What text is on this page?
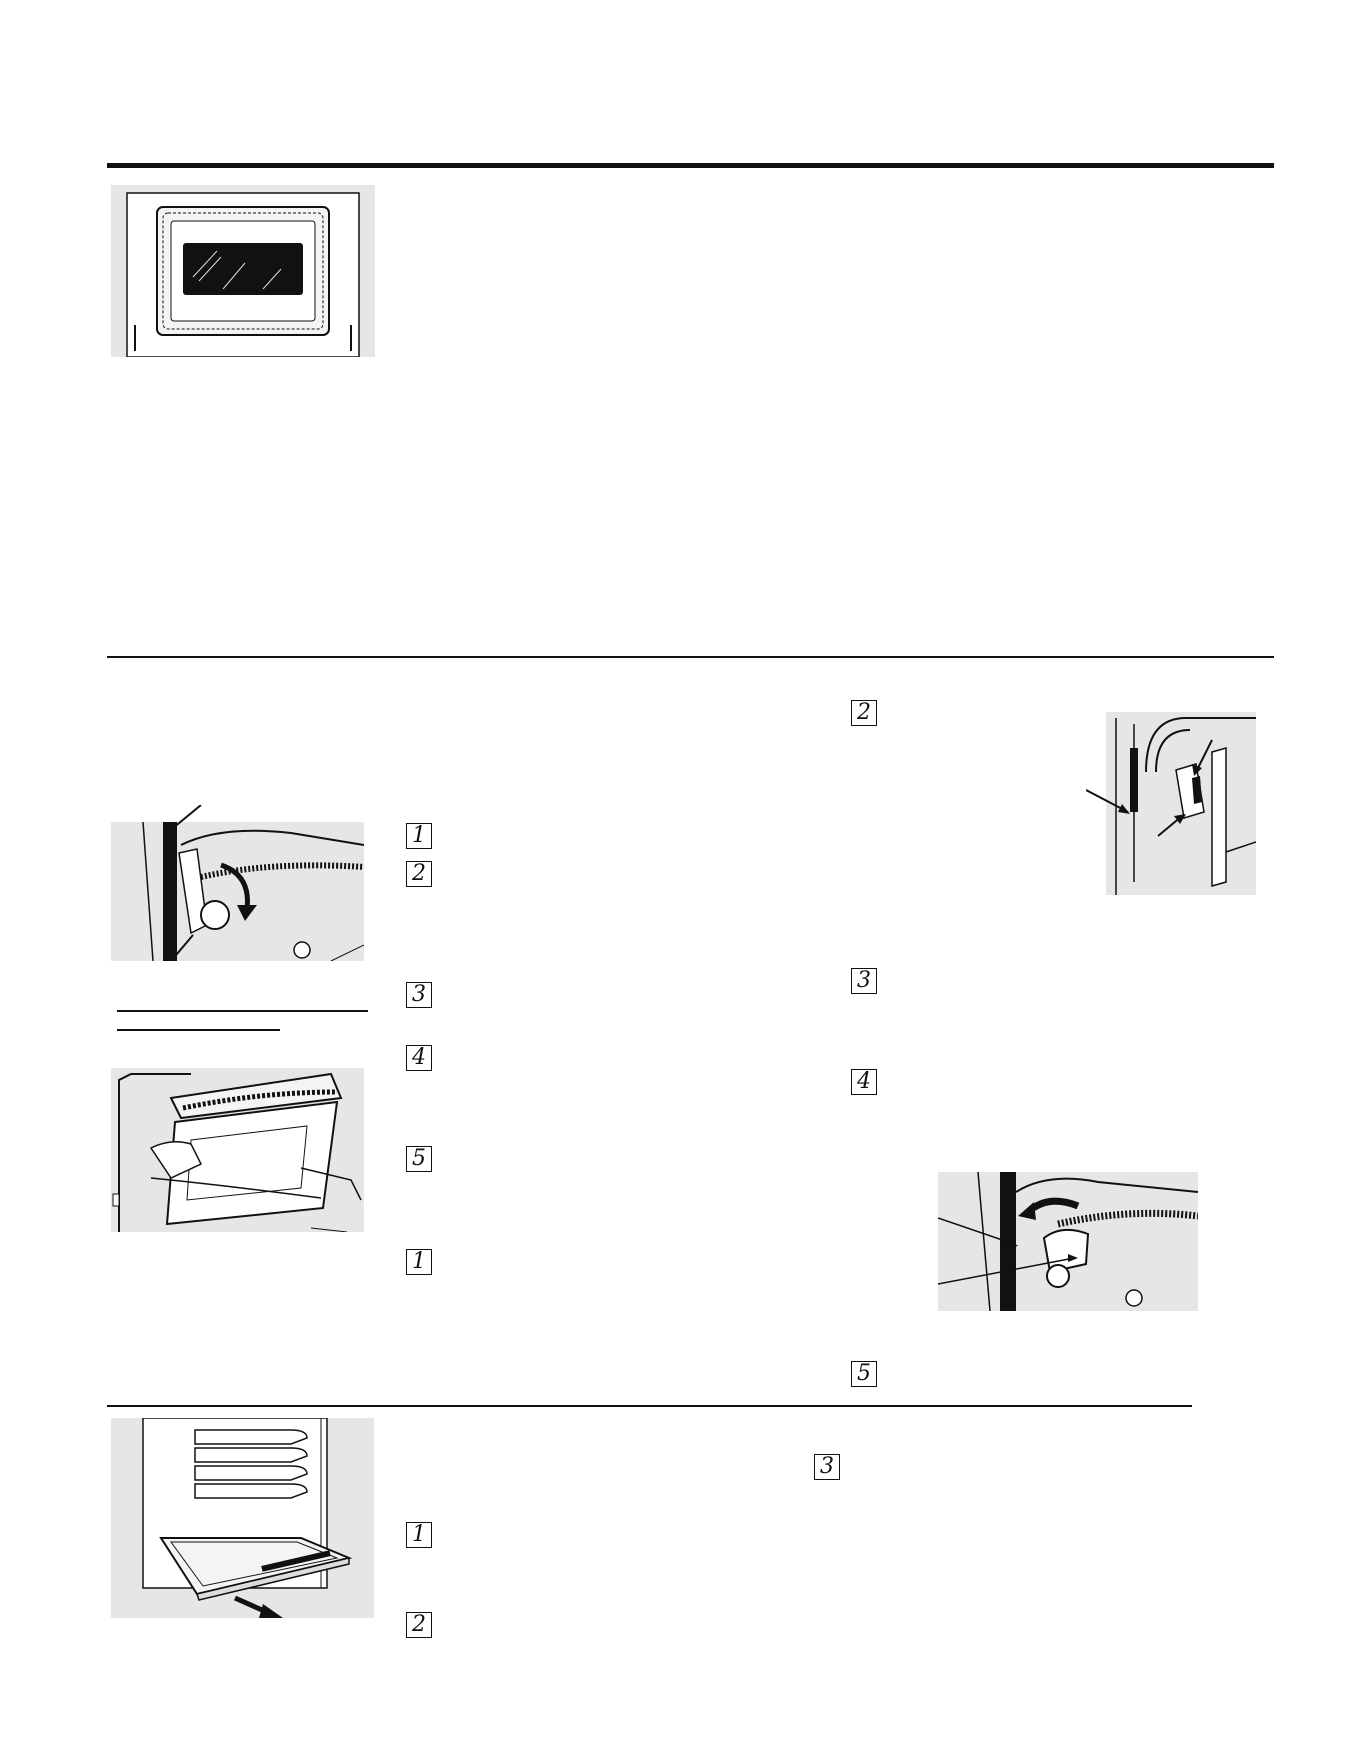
1
2
3
4
5
1
2
3
4
5
1
2
3
